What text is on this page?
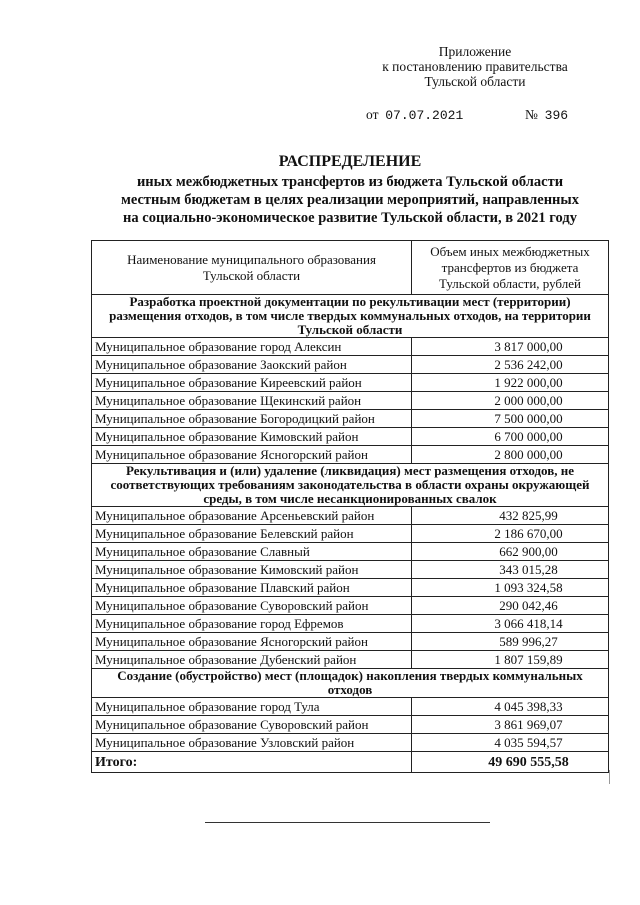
Приложение
к постановлению правительства
Тульской области
от 07.07.2021	№ 396
РАСПРЕДЕЛЕНИЕ
иных межбюджетных трансфертов из бюджета Тульской области
местным бюджетам в целях реализации мероприятий, направленных
на социально-экономическое развитие Тульской области, в 2021 году
Наименование муниципального образования Тульской области	Объем иных межбюджетных трансфертов из бюджета Тульской области, рублей
Разработка проектной документации по рекультивации мест (территории) размещения отходов, в том числе твердых коммунальных отходов, на территории Тульской области	
Муниципальное образование город Алексин	3 817 000,00
Муниципальное образование Заокский район	2 536 242,00
Муниципальное образование Киреевский район	1 922 000,00
Муниципальное образование Щекинский район	2 000 000,00
Муниципальное образование Богородицкий район	7 500 000,00
Муниципальное образование Кимовский район	6 700 000,00
Муниципальное образование Ясногорский район	2 800 000,00
Рекультивация и (или) удаление (ликвидация) мест размещения отходов, не соответствующих требованиям законодательства в области охраны окружающей среды, в том числе несанкционированных свалок	
Муниципальное образование Арсеньевский район	432 825,99
Муниципальное образование Белевский район	2 186 670,00
Муниципальное образование Славный	662 900,00
Муниципальное образование Кимовский район	343 015,28
Муниципальное образование Плавский район	1 093 324,58
Муниципальное образование Суворовский район	290 042,46
Муниципальное образование город Ефремов	3 066 418,14
Муниципальное образование Ясногорский район	589 996,27
Муниципальное образование Дубенский район	1 807 159,89
Создание (обустройство) мест (площадок) накопления твердых коммунальных отходов	
Муниципальное образование город Тула	4 045 398,33
Муниципальное образование Суворовский район	3 861 969,07
Муниципальное образование Узловский район	4 035 594,57
Итого:	49 690 555,58
